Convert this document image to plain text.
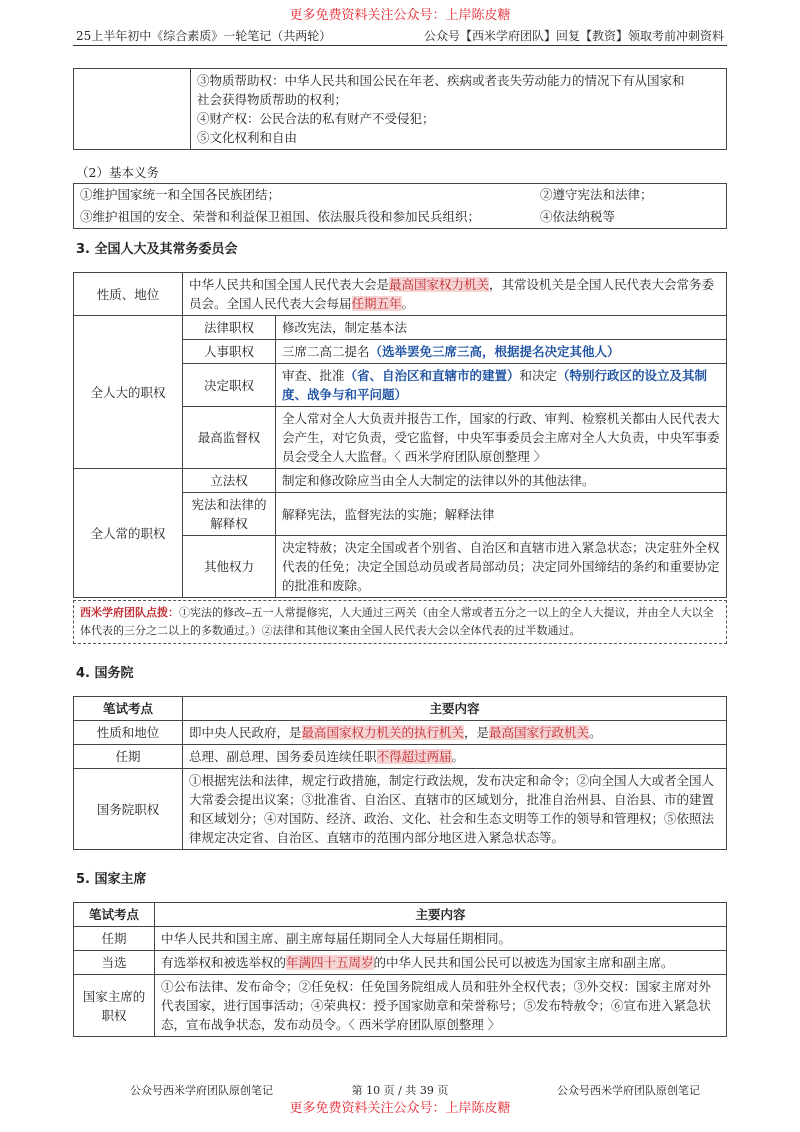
更多免费资料关注公众号：上岸陈皮糖
25上半年初中《综合素质》一轮笔记（共两轮）	公众号【西米学府团队】回复【教资】领取考前冲刺资料

③物质帮助权：中华人民共和国公民在年老、疾病或者丧失劳动能力的情况下有从国家和
社会获得物质帮助的权利；
④财产权：公民合法的私有财产不受侵犯；
⑤文化权利和自由
（2）基本义务
①维护国家统一和全国各民族团结；	②遵守宪法和法律；
③维护祖国的安全、荣誉和利益保卫祖国、依法服兵役和参加民兵组织；	④依法纳税等
3. 全国人大及其常务委员会
性质、地位	中华人民共和国全国人民代表大会是最高国家权力机关，其常设机关是全国人民代表大会常务委员会。全国人民代表大会每届任期五年。	
全人大的职权	法律职权	修改宪法，制定基本法
	人事职权	三席二高二提名（选举罢免三席三高，根据提名决定其他人）
	决定职权	审查、批准（省、自治区和直辖市的建置）和决定（特别行政区的设立及其制度、战争与和平问题）
	最高监督权	全人常对全人大负责并报告工作，国家的行政、审判、检察机关都由人民代表大会产生，对它负责，受它监督，中央军事委员会主席对全人大负责，中央军事委员会受全人大监督。〈 西米学府团队原创整理 〉
全人常的职权	立法权	制定和修改除应当由全人大制定的法律以外的其他法律。
	宪法和法律的解释权	解释宪法，监督宪法的实施；解释法律
	其他权力	决定特赦；决定全国或者个别省、自治区和直辖市进入紧急状态；决定驻外全权代表的任免；决定全国总动员或者局部动员；决定同外国缔结的条约和重要协定的批准和废除。
西米学府团队点拨：①宪法的修改—五一人常提修宪，人大通过三两关（由全人常或者五分之一以上的全人大提议，并由全人大以全体代表的三分之二以上的多数通过。）②法律和其他议案由全国人民代表大会以全体代表的过半数通过。
4. 国务院
笔试考点	主要内容
性质和地位	即中央人民政府，是最高国家权力机关的执行机关，是最高国家行政机关。
任期	总理、副总理、国务委员连续任职不得超过两届。
国务院职权	①根据宪法和法律，规定行政措施，制定行政法规，发布决定和命令；②向全国人大或者全国人大常委会提出议案；③批准省、自治区、直辖市的区域划分，批准自治州县、自治县、市的建置和区域划分；④对国防、经济、政治、文化、社会和生态文明等工作的领导和管理权；⑤依照法律规定决定省、自治区、直辖市的范围内部分地区进入紧急状态等。
5. 国家主席
笔试考点	主要内容
任期	中华人民共和国主席、副主席每届任期同全人大每届任期相同。
当选	有选举权和被选举权的年满四十五周岁的中华人民共和国公民可以被选为国家主席和副主席。
国家主席的职权	①公布法律、发布命令；②任免权：任免国务院组成人员和驻外全权代表；③外交权：国家主席对外代表国家，进行国事活动；④荣典权：授予国家勋章和荣誉称号；⑤发布特赦令；⑥宣布进入紧急状态，宣布战争状态，发布动员令。〈 西米学府团队原创整理 〉
公众号西米学府团队原创笔记	第 10 页 / 共 39 页	公众号西米学府团队原创笔记
更多免费资料关注公众号：上岸陈皮糖
